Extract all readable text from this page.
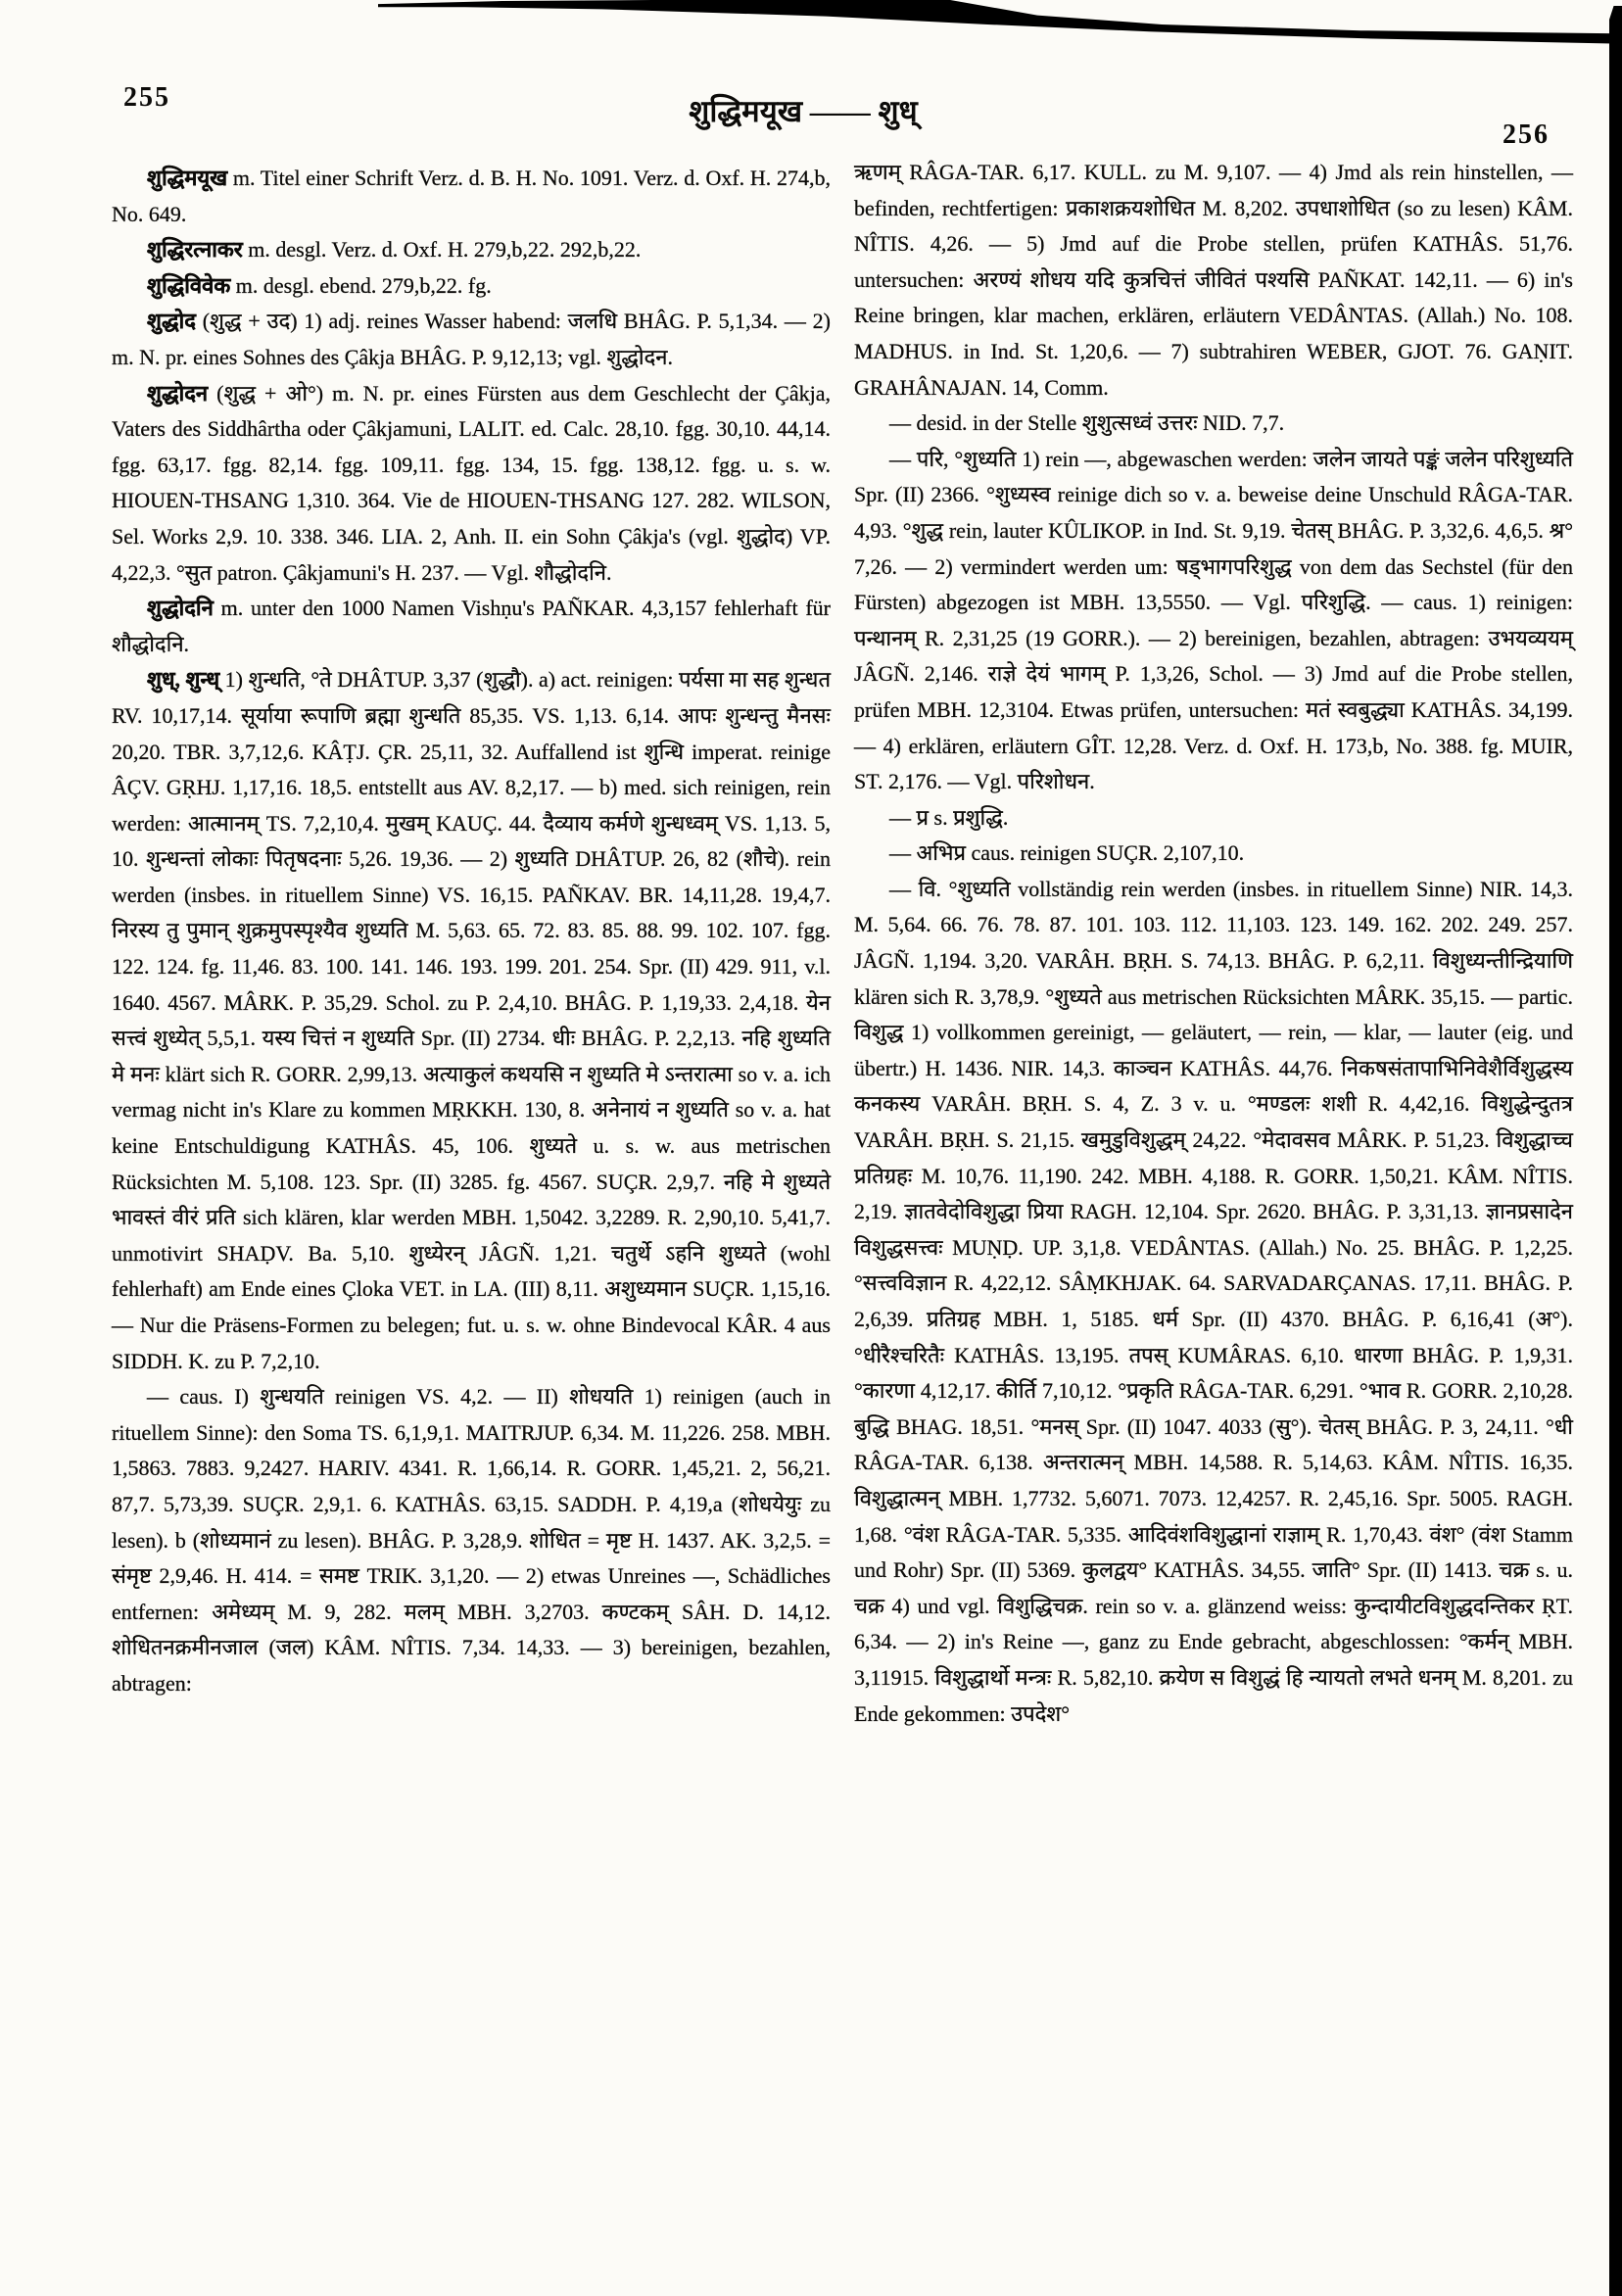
255	शुद्धिमयूख —— शुध्
256

शुद्धिमयूख m. Titel einer Schrift Verz. d. B. H. No. 1091. Verz. d. Oxf. H. 274,b, No. 649.

शुद्धिरत्नाकर m. desgl. Verz. d. Oxf. H. 279,b,22. 292,b,22.

शुद्धिविवेक m. desgl. ebend. 279,b,22. fg.

शुद्धोद (शुद्ध + उद) 1) adj. reines Wasser habend: जलधि BHÂG. P. 5,1,34. — 2) m. N. pr. eines Sohnes des Çâkja BHÂG. P. 9,12,13; vgl. शुद्धोदन.

शुद्धोदन (शुद्ध + ओ°) m. N. pr. eines Fürsten aus dem Geschlecht der Çâkja, Vaters des Siddhârtha oder Çâkjamuni, LALIT. ed. Calc. 28,10. fgg. 30,10. 44,14. fgg. 63,17. fgg. 82,14. fgg. 109,11. fgg. 134, 15. fgg. 138,12. fgg. u. s. w. HIOUEN-THSANG 1,310. 364. Vie de HIOUEN-THSANG 127. 282. WILSON, Sel. Works 2,9. 10. 338. 346. LIA. 2, Anh. II. ein Sohn Çâkja's (vgl. शुद्धोद) VP. 4,22,3. °सुत patron. Çâkjamuni's H. 237. — Vgl. शौद्धोदनि.

शुद्धोदनि m. unter den 1000 Namen Vishṇu's PAÑKAR. 4,3,157 fehlerhaft für शौद्धोदनि.

शुध्, शुन्ध् 1) शुन्धति, °ते DHÂTUP. 3,37 (शुद्धौ). a) act. reinigen: पर्यसा मा सह शुन्धत RV. 10,17,14. सूर्याया रूपाणि ब्रह्मा शुन्धति 85,35. VS. 1,13. 6,14. आपः शुन्धन्तु मैनसः 20,20. TBR. 3,7,12,6. KÂṬJ. ÇR. 25,11, 32. Auffallend ist शुन्धि imperat. reinige ÂÇV. GṚHJ. 1,17,16. 18,5. entstellt aus AV. 8,2,17. — b) med. sich reinigen, rein werden: आत्मानम् TS. 7,2,10,4. मुखम् KAUÇ. 44. दैव्याय कर्मणे शुन्धध्वम् VS. 1,13. 5, 10. शुन्धन्तां लोकाः पितृषदनाः 5,26. 19,36. — 2) शुध्यति DHÂTUP. 26, 82 (शौचे). rein werden (insbes. in rituellem Sinne) VS. 16,15. PAÑKAV. BR. 14,11,28. 19,4,7. निरस्य तु पुमान् शुक्रमुपस्पृश्यैव शुध्यति M. 5,63. 65. 72. 83. 85. 88. 99. 102. 107. fgg. 122. 124. fg. 11,46. 83. 100. 141. 146. 193. 199. 201. 254. Spr. (II) 429. 911, v.l. 1640. 4567. MÂRK. P. 35,29. Schol. zu P. 2,4,10. BHÂG. P. 1,19,33. 2,4,18. येन सत्त्वं शुध्येत् 5,5,1. यस्य चित्तं न शुध्यति Spr. (II) 2734. धीः BHÂG. P. 2,2,13. नहि शुध्यति मे मनः klärt sich R. GORR. 2,99,13. अत्याकुलं कथयसि न शुध्यति मे ऽन्तरात्मा so v. a. ich vermag nicht in's Klare zu kommen MṚKKH. 130, 8. अनेनायं न शुध्यति so v. a. hat keine Entschuldigung KATHÂS. 45, 106. शुध्यते u. s. w. aus metrischen Rücksichten M. 5,108. 123. Spr. (II) 3285. fg. 4567. SUÇR. 2,9,7. नहि मे शुध्यते भावस्तं वीरं प्रति sich klären, klar werden MBH. 1,5042. 3,2289. R. 2,90,10. 5,41,7. unmotivirt SHAḌV. Ba. 5,10. शुध्येरन् JÂGÑ. 1,21. चतुर्थे ऽहनि शुध्यते (wohl fehlerhaft) am Ende eines Çloka VET. in LA. (III) 8,11. अशुध्यमान SUÇR. 1,15,16. — Nur die Präsens-Formen zu belegen; fut. u. s. w. ohne Bindevocal KÂR. 4 aus SIDDH. K. zu P. 7,2,10.

— caus. I) शुन्धयति reinigen VS. 4,2. — II) शोधयति 1) reinigen (auch in rituellem Sinne): den Soma TS. 6,1,9,1. MAITRJUP. 6,34. M. 11,226. 258. MBH. 1,5863. 7883. 9,2427. HARIV. 4341. R. 1,66,14. R. GORR. 1,45,21. 2, 56,21. 87,7. 5,73,39. SUÇR. 2,9,1. 6. KATHÂS. 63,15. SADDH. P. 4,19,a (शोधयेयुः zu lesen). b (शोध्यमानं zu lesen). BHÂG. P. 3,28,9. शोधित = मृष्ट H. 1437. AK. 3,2,5. = संमृष्ट 2,9,46. H. 414. = समष्ट TRIK. 3,1,20. — 2) etwas Unreines —, Schädliches entfernen: अमेध्यम् M. 9, 282. मलम् MBH. 3,2703. कण्टकम् SÂH. D. 14,12. शोधितनक्रमीनजाल (जल) KÂM. NÎTIS. 7,34. 14,33. — 3) bereinigen, bezahlen, abtragen:

ऋणम् RÂGA-TAR. 6,17. KULL. zu M. 9,107. — 4) Jmd als rein hinstellen, — befinden, rechtfertigen: प्रकाशक्रयशोधित M. 8,202. उपधाशोधित (so zu lesen) KÂM. NÎTIS. 4,26. — 5) Jmd auf die Probe stellen, prüfen KATHÂS. 51,76. untersuchen: अरण्यं शोधय यदि कुत्रचित्तं जीवितं पश्यसि PAÑKAT. 142,11. — 6) in's Reine bringen, klar machen, erklären, erläutern VEDÂNTAS. (Allah.) No. 108. MADHUS. in Ind. St. 1,20,6. — 7) subtrahiren WEBER, GJOT. 76. GAṆIT. GRAHÂNAJAN. 14, Comm.

— desid. in der Stelle शुशुत्सध्वं उत्तरः NID. 7,7.

— परि, °शुध्यति 1) rein —, abgewaschen werden: जलेन जायते पङ्कं जलेन परिशुध्यति Spr. (II) 2366. °शुध्यस्व reinige dich so v. a. beweise deine Unschuld RÂGA-TAR. 4,93. °शुद्ध rein, lauter KÛLIKOP. in Ind. St. 9,19. चेतस् BHÂG. P. 3,32,6. 4,6,5. श्र° 7,26. — 2) vermindert werden um: षड्भागपरिशुद्ध von dem das Sechstel (für den Fürsten) abgezogen ist MBH. 13,5550. — Vgl. परिशुद्धि. — caus. 1) reinigen: पन्थानम् R. 2,31,25 (19 GORR.). — 2) bereinigen, bezahlen, abtragen: उभयव्ययम् JÂGÑ. 2,146. राज्ञे देयं भागम् P. 1,3,26, Schol. — 3) Jmd auf die Probe stellen, prüfen MBH. 12,3104. Etwas prüfen, untersuchen: मतं स्वबुद्ध्या KATHÂS. 34,199. — 4) erklären, erläutern GÎT. 12,28. Verz. d. Oxf. H. 173,b, No. 388. fg. MUIR, ST. 2,176. — Vgl. परिशोधन.

— प्र s. प्रशुद्धि.

— अभिप्र caus. reinigen SUÇR. 2,107,10.

— वि. °शुध्यति vollständig rein werden (insbes. in rituellem Sinne) NIR. 14,3. M. 5,64. 66. 76. 78. 87. 101. 103. 112. 11,103. 123. 149. 162. 202. 249. 257. JÂGÑ. 1,194. 3,20. VARÂH. BṚH. S. 74,13. BHÂG. P. 6,2,11. विशुध्यन्तीन्द्रियाणि klären sich R. 3,78,9. °शुध्यते aus metrischen Rücksichten MÂRK. 35,15. — partic. विशुद्ध 1) vollkommen gereinigt, — geläutert, — rein, — klar, — lauter (eig. und übertr.) H. 1436. NIR. 14,3. काञ्चन KATHÂS. 44,76. निकषसंतापाभिनिवेशैर्विशुद्धस्य कनकस्य VARÂH. BṚH. S. 4, Z. 3 v. u. °मण्डलः शशी R. 4,42,16. विशुद्धेन्दुतत्र VARÂH. BṚH. S. 21,15. खमुडुविशुद्धम् 24,22. °मेदावसव MÂRK. P. 51,23. विशुद्धाच्च प्रतिग्रहः M. 10,76. 11,190. 242. MBH. 4,188. R. GORR. 1,50,21. KÂM. NÎTIS. 2,19. ज्ञातवेदोविशुद्धा प्रिया RAGH. 12,104. Spr. 2620. BHÂG. P. 3,31,13. ज्ञानप्रसादेन विशुद्धसत्त्वः MUṆḌ. UP. 3,1,8. VEDÂNTAS. (Allah.) No. 25. BHÂG. P. 1,2,25. °सत्त्वविज्ञान R. 4,22,12. SÂṂKHJAK. 64. SARVADARÇANAS. 17,11. BHÂG. P. 2,6,39. प्रतिग्रह MBH. 1, 5185. धर्म Spr. (II) 4370. BHÂG. P. 6,16,41 (अ°). °धीरैश्चरितैः KATHÂS. 13,195. तपस् KUMÂRAS. 6,10. धारणा BHÂG. P. 1,9,31. °कारणा 4,12,17. कीर्ति 7,10,12. °प्रकृति RÂGA-TAR. 6,291. °भाव R. GORR. 2,10,28. बुद्धि BHAG. 18,51. °मनस् Spr. (II) 1047. 4033 (सु°). चेतस् BHÂG. P. 3, 24,11. °धी RÂGA-TAR. 6,138. अन्तरात्मन् MBH. 14,588. R. 5,14,63. KÂM. NÎTIS. 16,35. विशुद्धात्मन् MBH. 1,7732. 5,6071. 7073. 12,4257. R. 2,45,16. Spr. 5005. RAGH. 1,68. °वंश RÂGA-TAR. 5,335. आदिवंशविशुद्धानां राज्ञाम् R. 1,70,43. वंश° (वंश Stamm und Rohr) Spr. (II) 5369. कुलद्वय° KATHÂS. 34,55. जाति° Spr. (II) 1413. चक्र s. u. चक्र 4) und vgl. विशुद्धिचक्र. rein so v. a. glänzend weiss: कुन्दायीटविशुद्धदन्तिकर ṚT. 6,34. — 2) in's Reine —, ganz zu Ende gebracht, abgeschlossen: °कर्मन् MBH. 3,11915. विशुद्धार्थो मन्त्रः R. 5,82,10. क्रयेण स विशुद्धं हि न्यायतो लभते धनम् M. 8,201. zu Ende gekommen: उपदेश°
